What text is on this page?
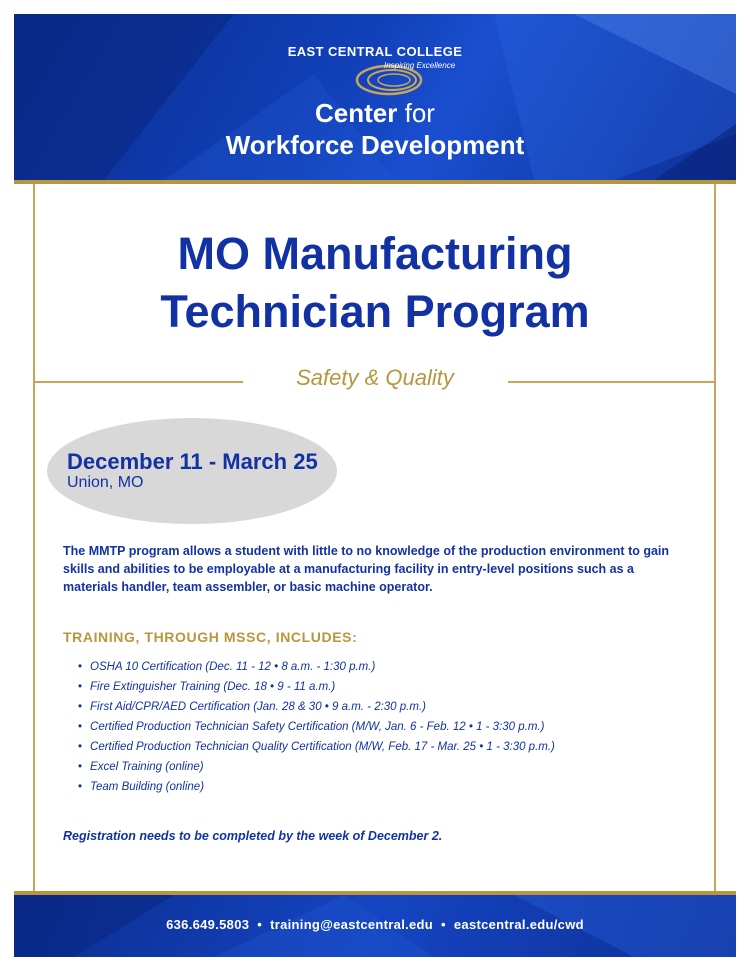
EAST CENTRAL COLLEGE
Inspiring Excellence
Center for
Workforce Development
MO Manufacturing
Technician Program
Safety & Quality
December 11 - March 25
Union, MO
The MMTP program allows a student with little to no knowledge of the production environment to gain skills and abilities to be employable at a manufacturing facility in entry-level positions such as a materials handler, team assembler, or basic machine operator.
TRAINING, THROUGH MSSC, INCLUDES:
• OSHA 10 Certification (Dec. 11 - 12 • 8 a.m. - 1:30 p.m.)
• Fire Extinguisher Training (Dec. 18 • 9 - 11 a.m.)
• First Aid/CPR/AED Certification (Jan. 28 & 30 • 9 a.m. - 2:30 p.m.)
• Certified Production Technician Safety Certification (M/W, Jan. 6 - Feb. 12 • 1 - 3:30 p.m.)
• Certified Production Technician Quality Certification (M/W, Feb. 17 - Mar. 25 • 1 - 3:30 p.m.)
• Excel Training (online)
• Team Building (online)
Registration needs to be completed by the week of December 2.
636.649.5803 • training@eastcentral.edu • eastcentral.edu/cwd
